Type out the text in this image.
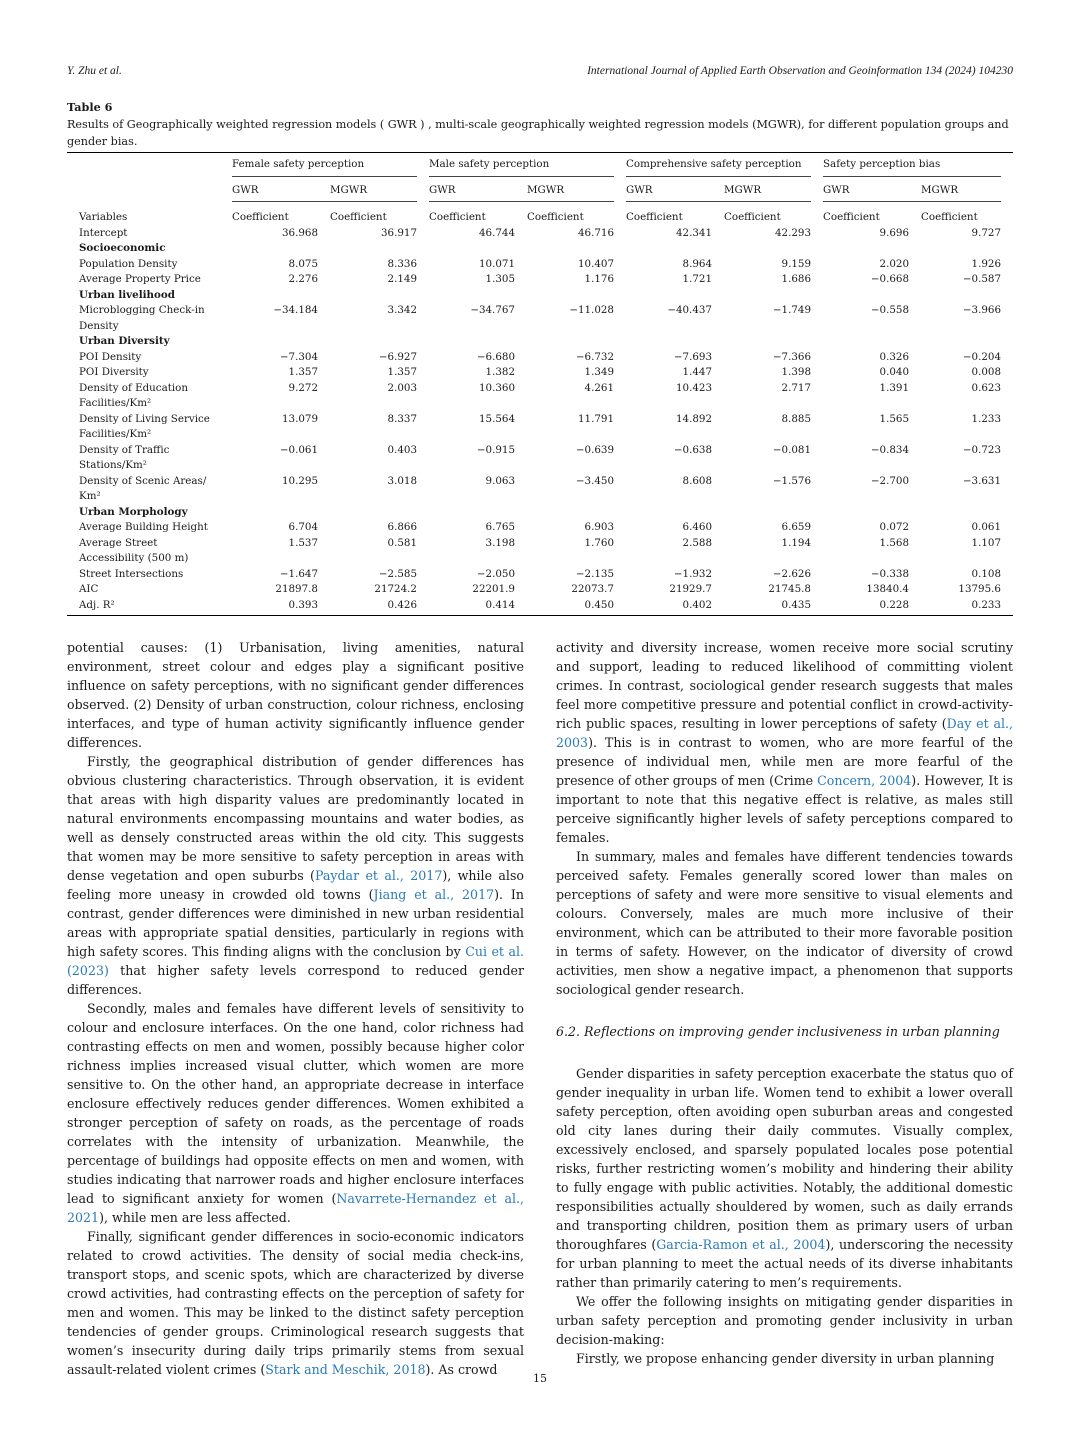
Y. Zhu et al.	International Journal of Applied Earth Observation and Geoinformation 134 (2024) 104230
Table 6
Results of Geographically weighted regression models ( GWR ) , multi-scale geographically weighted regression models (MGWR), for different population groups and gender bias.

	Female safety perception		Male safety perception		Comprehensive safety perception		Safety perception bias	

	GWR	MGWR	GWR	MGWR	GWR	MGWR	GWR	MGWR

Variables	Coefficient	Coefficient	Coefficient	Coefficient	Coefficient	Coefficient	Coefficient	Coefficient
Intercept	36.968	36.917	46.744	46.716	42.341	42.293	9.696	9.727
Socioeconomic								
Population Density	8.075	8.336	10.071	10.407	8.964	9.159	2.020	1.926
Average Property Price	2.276	2.149	1.305	1.176	1.721	1.686	−0.668	−0.587
Urban livelihood								
Microblogging Check-in
Density	−34.184	3.342	−34.767	−11.028	−40.437	−1.749	−0.558	−3.966
Urban Diversity								
POI Density	−7.304	−6.927	−6.680	−6.732	−7.693	−7.366	0.326	−0.204
POI Diversity	1.357	1.357	1.382	1.349	1.447	1.398	0.040	0.008
Density of Education
Facilities/Km²	9.272	2.003	10.360	4.261	10.423	2.717	1.391	0.623
Density of Living Service
Facilities/Km²	13.079	8.337	15.564	11.791	14.892	8.885	1.565	1.233
Density of Traffic
Stations/Km²	−0.061	0.403	−0.915	−0.639	−0.638	−0.081	−0.834	−0.723
Density of Scenic Areas/
Km²	10.295	3.018	9.063	−3.450	8.608	−1.576	−2.700	−3.631
Urban Morphology								
Average Building Height	6.704	6.866	6.765	6.903	6.460	6.659	0.072	0.061
Average Street
Accessibility (500 m)	1.537	0.581	3.198	1.760	2.588	1.194	1.568	1.107
Street Intersections	−1.647	−2.585	−2.050	−2.135	−1.932	−2.626	−0.338	0.108
AIC	21897.8	21724.2	22201.9	22073.7	21929.7	21745.8	13840.4	13795.6
Adj. R²	0.393	0.426	0.414	0.450	0.402	0.435	0.228	0.233

potential causes: (1) Urbanisation, living amenities, natural environment, street colour and edges play a significant positive influence on safety perceptions, with no significant gender differences observed. (2) Density of urban construction, colour richness, enclosing interfaces, and type of human activity significantly influence gender differences.

Firstly, the geographical distribution of gender differences has obvious clustering characteristics. Through observation, it is evident that areas with high disparity values are predominantly located in natural environments encompassing mountains and water bodies, as well as densely constructed areas within the old city. This suggests that women may be more sensitive to safety perception in areas with dense vegetation and open suburbs (Paydar et al., 2017), while also feeling more uneasy in crowded old towns (Jiang et al., 2017). In contrast, gender differences were diminished in new urban residential areas with appropriate spatial densities, particularly in regions with high safety scores. This finding aligns with the conclusion by Cui et al. (2023) that higher safety levels correspond to reduced gender differences.

Secondly, males and females have different levels of sensitivity to colour and enclosure interfaces. On the one hand, color richness had contrasting effects on men and women, possibly because higher color richness implies increased visual clutter, which women are more sensitive to. On the other hand, an appropriate decrease in interface enclosure effectively reduces gender differences. Women exhibited a stronger perception of safety on roads, as the percentage of roads correlates with the intensity of urbanization. Meanwhile, the percentage of buildings had opposite effects on men and women, with studies indicating that narrower roads and higher enclosure interfaces lead to significant anxiety for women (Navarrete-Hernandez et al., 2021), while men are less affected.

Finally, significant gender differences in socio-economic indicators related to crowd activities. The density of social media check-ins, transport stops, and scenic spots, which are characterized by diverse crowd activities, had contrasting effects on the perception of safety for men and women. This may be linked to the distinct safety perception tendencies of gender groups. Criminological research suggests that women’s insecurity during daily trips primarily stems from sexual assault-related violent crimes (Stark and Meschik, 2018). As crowd

activity and diversity increase, women receive more social scrutiny and support, leading to reduced likelihood of committing violent crimes. In contrast, sociological gender research suggests that males feel more competitive pressure and potential conflict in crowd-activity-rich public spaces, resulting in lower perceptions of safety (Day et al., 2003). This is in contrast to women, who are more fearful of the presence of individual men, while men are more fearful of the presence of other groups of men (Crime Concern, 2004). However, It is important to note that this negative effect is relative, as males still perceive significantly higher levels of safety perceptions compared to females.

In summary, males and females have different tendencies towards perceived safety. Females generally scored lower than males on perceptions of safety and were more sensitive to visual elements and colours. Conversely, males are much more inclusive of their environment, which can be attributed to their more favorable position in terms of safety. However, on the indicator of diversity of crowd activities, men show a negative impact, a phenomenon that supports sociological gender research.

6.2. Reflections on improving gender inclusiveness in urban planning

Gender disparities in safety perception exacerbate the status quo of gender inequality in urban life. Women tend to exhibit a lower overall safety perception, often avoiding open suburban areas and congested old city lanes during their daily commutes. Visually complex, excessively enclosed, and sparsely populated locales pose potential risks, further restricting women’s mobility and hindering their ability to fully engage with public activities. Notably, the additional domestic responsibilities actually shouldered by women, such as daily errands and transporting children, position them as primary users of urban thoroughfares (Garcia-Ramon et al., 2004), underscoring the necessity for urban planning to meet the actual needs of its diverse inhabitants rather than primarily catering to men’s requirements.

We offer the following insights on mitigating gender disparities in urban safety perception and promoting gender inclusivity in urban decision-making:

Firstly, we propose enhancing gender diversity in urban planning

15
